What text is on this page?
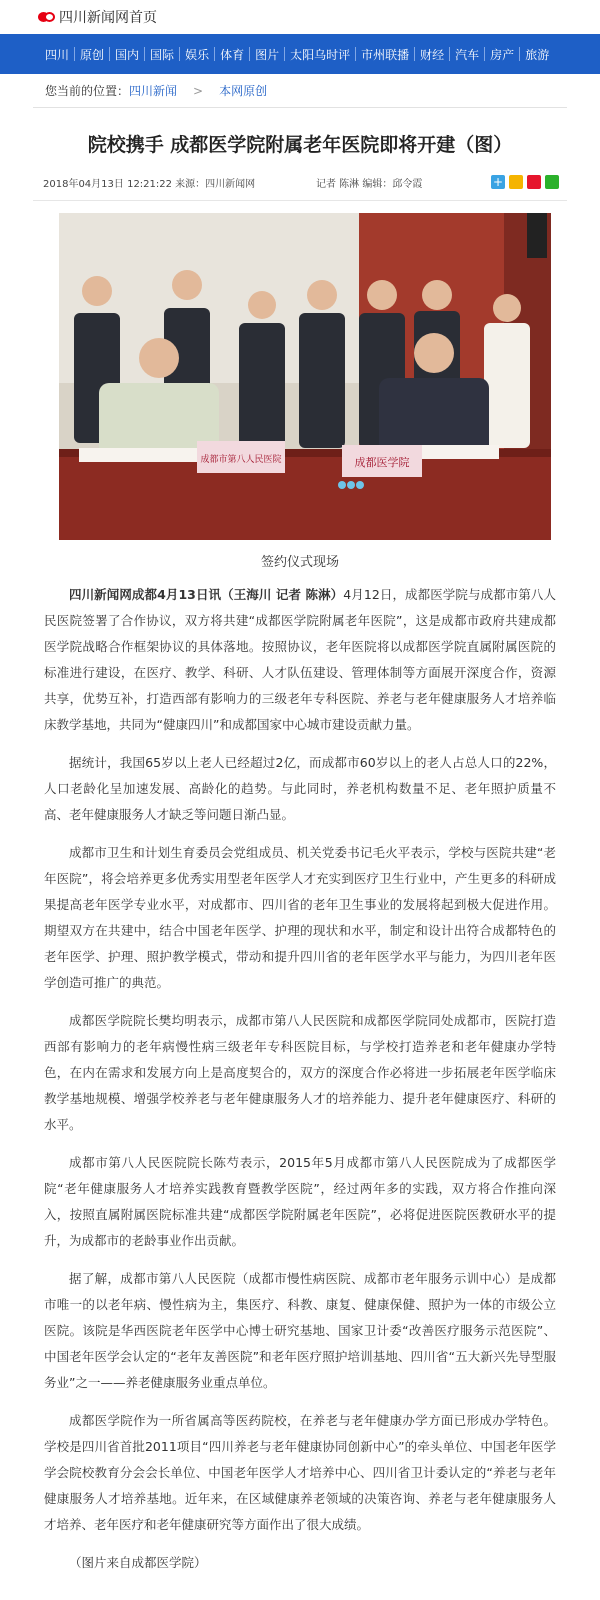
四川新闻网首页
四川 原创 国内 国际 娱乐 体育 图片 太阳乌时评 市州联播 财经 汽车 房产 旅游
您当前的位置： 四川新闻 > 本网原创
院校携手 成都医学院附属老年医院即将开建（图）
2018年04月13日 12:21:22 来源：四川新闻网	记者 陈淋 编辑：邱令霞	+
成都市第八人民医院	成都医学院
签约仪式现场

四川新闻网成都4月13日讯（王海川 记者 陈淋）4月12日，成都医学院与成都市第八人民医院签署了合作协议，双方将共建“成都医学院附属老年医院”，这是成都市政府共建成都医学院战略合作框架协议的具体落地。按照协议，老年医院将以成都医学院直属附属医院的标准进行建设，在医疗、教学、科研、人才队伍建设、管理体制等方面展开深度合作，资源共享，优势互补，打造西部有影响力的三级老年专科医院、养老与老年健康服务人才培养临床教学基地，共同为“健康四川”和成都国家中心城市建设贡献力量。

据统计，我国65岁以上老人已经超过2亿，而成都市60岁以上的老人占总人口的22%，人口老龄化呈加速发展、高龄化的趋势。与此同时，养老机构数量不足、老年照护质量不高、老年健康服务人才缺乏等问题日渐凸显。

成都市卫生和计划生育委员会党组成员、机关党委书记毛火平表示，学校与医院共建“老年医院”，将会培养更多优秀实用型老年医学人才充实到医疗卫生行业中，产生更多的科研成果提高老年医学专业水平，对成都市、四川省的老年卫生事业的发展将起到极大促进作用。期望双方在共建中，结合中国老年医学、护理的现状和水平，制定和设计出符合成都特色的老年医学、护理、照护教学模式，带动和提升四川省的老年医学水平与能力，为四川老年医学创造可推广的典范。

成都医学院院长樊均明表示，成都市第八人民医院和成都医学院同处成都市，医院打造西部有影响力的老年病慢性病三级老年专科医院目标，与学校打造养老和老年健康办学特色，在内在需求和发展方向上是高度契合的，双方的深度合作必将进一步拓展老年医学临床教学基地规模、增强学校养老与老年健康服务人才的培养能力、提升老年健康医疗、科研的水平。

成都市第八人民医院院长陈芍表示，2015年5月成都市第八人民医院成为了成都医学院“老年健康服务人才培养实践教育暨教学医院”，经过两年多的实践，双方将合作推向深入，按照直属附属医院标准共建“成都医学院附属老年医院”，必将促进医院医教研水平的提升，为成都市的老龄事业作出贡献。

据了解，成都市第八人民医院（成都市慢性病医院、成都市老年服务示训中心）是成都市唯一的以老年病、慢性病为主，集医疗、科教、康复、健康保健、照护为一体的市级公立医院。该院是华西医院老年医学中心博士研究基地、国家卫计委“改善医疗服务示范医院”、中国老年医学会认定的“老年友善医院”和老年医疗照护培训基地、四川省“五大新兴先导型服务业”之一——养老健康服务业重点单位。

成都医学院作为一所省属高等医药院校，在养老与老年健康办学方面已形成办学特色。学校是四川省首批2011项目“四川养老与老年健康协同创新中心”的牵头单位、中国老年医学学会院校教育分会会长单位、中国老年医学人才培养中心、四川省卫计委认定的“养老与老年健康服务人才培养基地。近年来，在区域健康养老领域的决策咨询、养老与老年健康服务人才培养、老年医疗和老年健康研究等方面作出了很大成绩。

（图片来自成都医学院）
